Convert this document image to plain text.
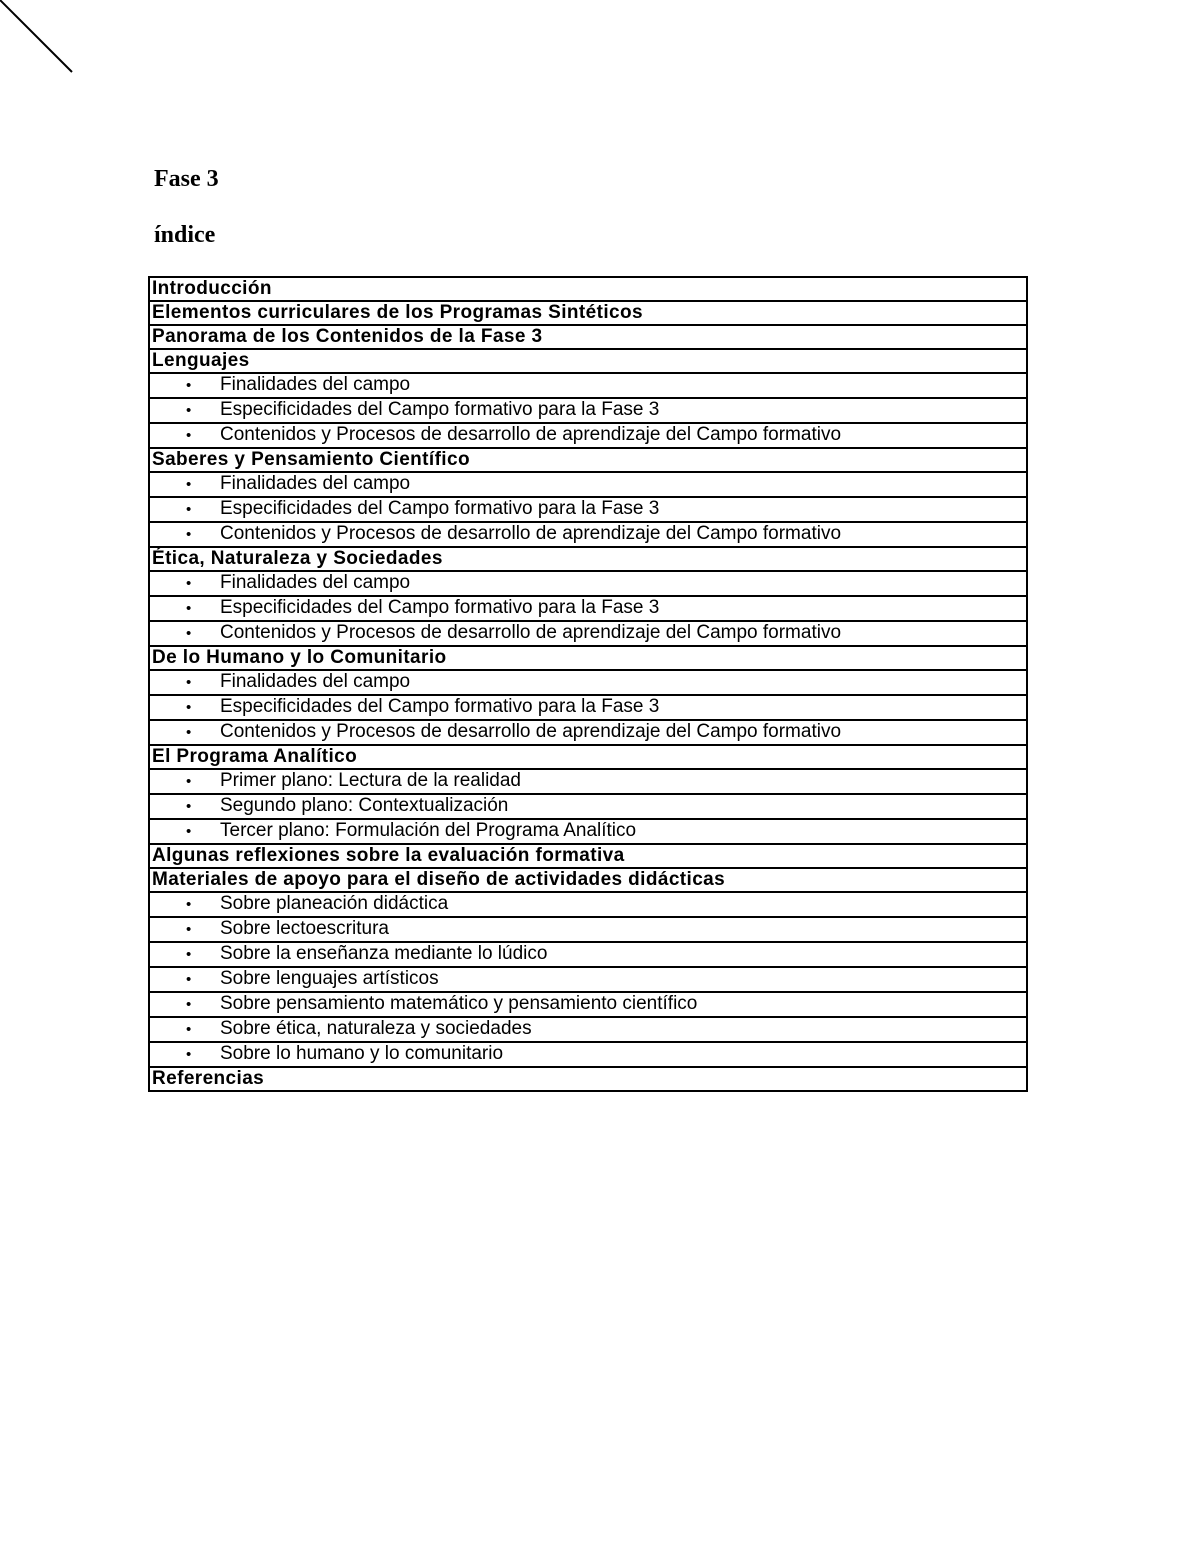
Fase 3
índice
Introducción
Elementos curriculares de los Programas Sintéticos
Panorama de los Contenidos de la Fase 3
Lenguajes
• Finalidades del campo
• Especificidades del Campo formativo para la Fase 3
• Contenidos y Procesos de desarrollo de aprendizaje del Campo formativo
Saberes y Pensamiento Científico
• Finalidades del campo
• Especificidades del Campo formativo para la Fase 3
• Contenidos y Procesos de desarrollo de aprendizaje del Campo formativo
Ética, Naturaleza y Sociedades
• Finalidades del campo
• Especificidades del Campo formativo para la Fase 3
• Contenidos y Procesos de desarrollo de aprendizaje del Campo formativo
De lo Humano y lo Comunitario
• Finalidades del campo
• Especificidades del Campo formativo para la Fase 3
• Contenidos y Procesos de desarrollo de aprendizaje del Campo formativo
El Programa Analítico
• Primer plano: Lectura de la realidad
• Segundo plano: Contextualización
• Tercer plano: Formulación del Programa Analítico
Algunas reflexiones sobre la evaluación formativa
Materiales de apoyo para el diseño de actividades didácticas
• Sobre planeación didáctica
• Sobre lectoescritura
• Sobre la enseñanza mediante lo lúdico
• Sobre lenguajes artísticos
• Sobre pensamiento matemático y pensamiento científico
• Sobre ética, naturaleza y sociedades
• Sobre lo humano y lo comunitario
Referencias
